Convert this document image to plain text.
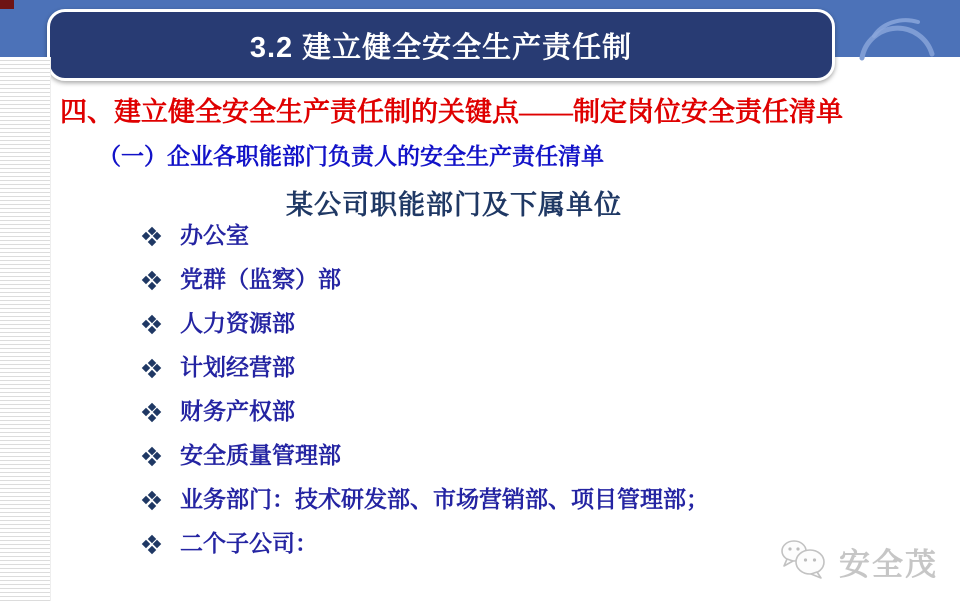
3.2 建立健全安全生产责任制
四、建立健全安全生产责任制的关键点——制定岗位安全责任清单
（一）企业各职能部门负责人的安全生产责任清单
某公司职能部门及下属单位
办公室
党群（监察）部
人力资源部
计划经营部
财务产权部
安全质量管理部
业务部门：技术研发部、市场营销部、项目管理部；
二个子公司：
安全茂
